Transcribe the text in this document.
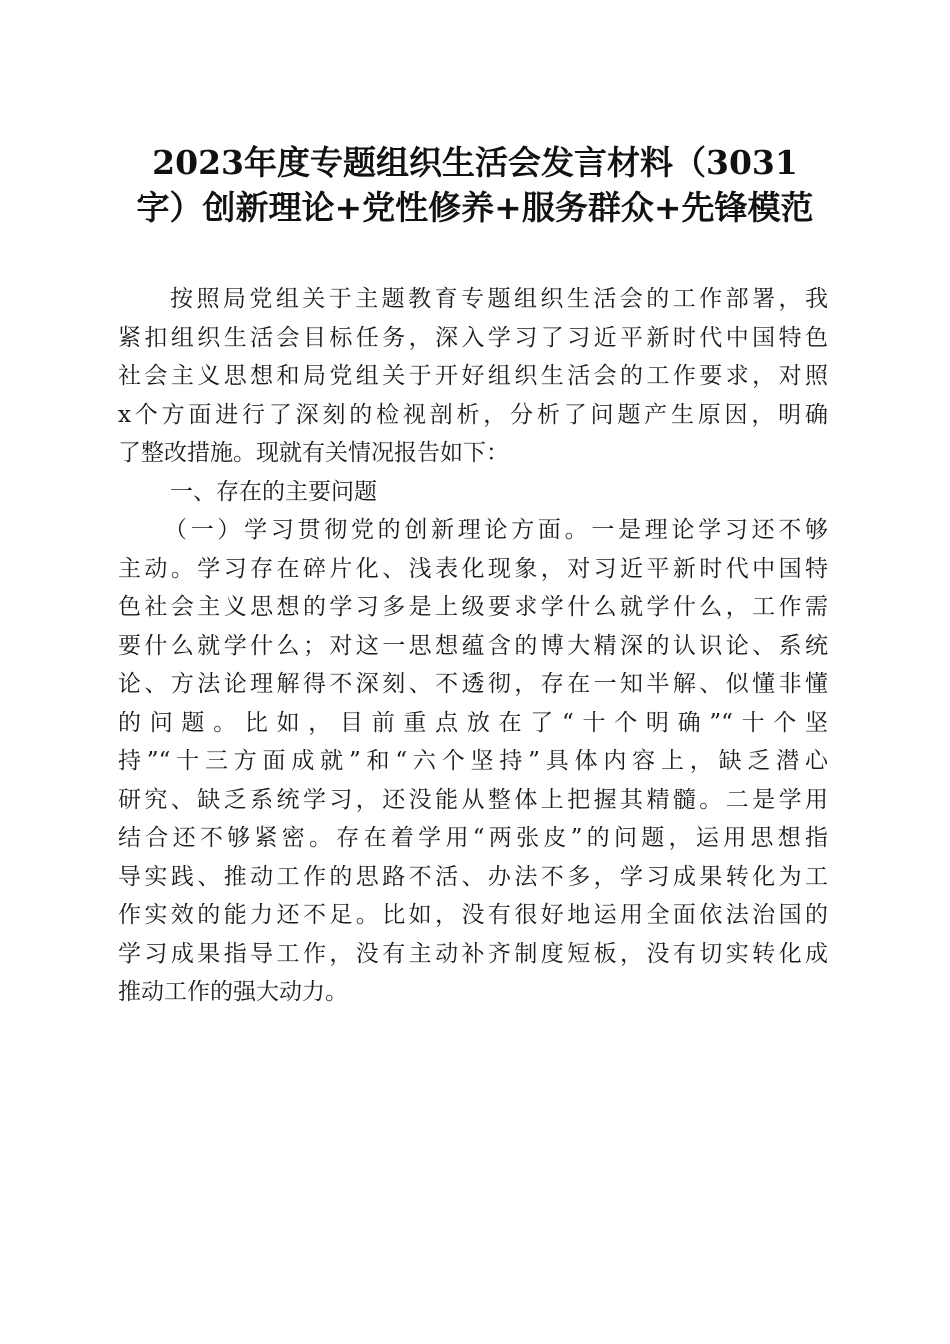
2023年度专题组织生活会发言材料（3031
字）创新理论+党性修养+服务群众+先锋模范
按照局党组关于主题教育专题组织生活会的工作部署，我
紧扣组织生活会目标任务，深入学习了习近平新时代中国特色
社会主义思想和局党组关于开好组织生活会的工作要求，对照
x个方面进行了深刻的检视剖析，分析了问题产生原因，明确
了整改措施。现就有关情况报告如下：
一、存在的主要问题
（一）学习贯彻党的创新理论方面。一是理论学习还不够
主动。学习存在碎片化、浅表化现象，对习近平新时代中国特
色社会主义思想的学习多是上级要求学什么就学什么，工作需
要什么就学什么；对这一思想蕴含的博大精深的认识论、系统
论、方法论理解得不深刻、不透彻，存在一知半解、似懂非懂
的问题。比如，目前重点放在了“十个明确”“十个坚
持”“十三方面成就”和“六个坚持”具体内容上，缺乏潜心
研究、缺乏系统学习，还没能从整体上把握其精髓。二是学用
结合还不够紧密。存在着学用“两张皮”的问题，运用思想指
导实践、推动工作的思路不活、办法不多，学习成果转化为工
作实效的能力还不足。比如，没有很好地运用全面依法治国的
学习成果指导工作，没有主动补齐制度短板，没有切实转化成
推动工作的强大动力。
